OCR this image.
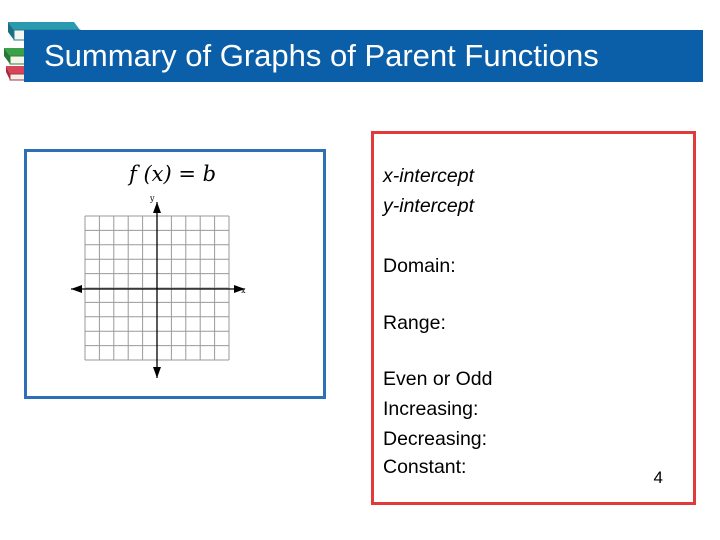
Summary of Graphs of Parent Functions
f (x) = b
x
y
x-intercept
y-intercept
Domain:
Range:
Even or Odd
Increasing:
Decreasing:
Constant:	4
